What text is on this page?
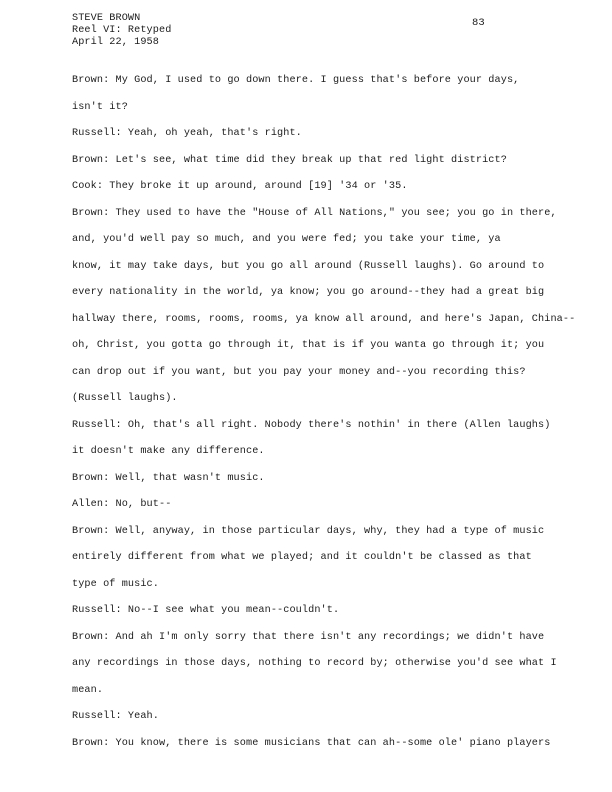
STEVE BROWN
Reel VI: Retyped
April 22, 1958
83
Brown: My God, I used to go down there. I guess that's before your days,
isn't it?
Russell: Yeah, oh yeah, that's right.
Brown: Let's see, what time did they break up that red light district?
Cook: They broke it up around, around [19] '34 or '35.
Brown: They used to have the "House of All Nations," you see; you go in there,
and, you'd well pay so much, and you were fed; you take your time, ya
know, it may take days, but you go all around (Russell laughs). Go around to
every nationality in the world, ya know; you go around--they had a great big
hallway there, rooms, rooms, rooms, ya know all around, and here's Japan, China--
oh, Christ, you gotta go through it, that is if you wanta go through it; you
can drop out if you want, but you pay your money and--you recording this?
(Russell laughs).
Russell: Oh, that's all right. Nobody there's nothin' in there (Allen laughs)
it doesn't make any difference.
Brown: Well, that wasn't music.
Allen: No, but--
Brown: Well, anyway, in those particular days, why, they had a type of music
entirely different from what we played; and it couldn't be classed as that
type of music.
Russell: No--I see what you mean--couldn't.
Brown: And ah I'm only sorry that there isn't any recordings; we didn't have
any recordings in those days, nothing to record by; otherwise you'd see what I
mean.
Russell: Yeah.
Brown: You know, there is some musicians that can ah--some ole' piano players
